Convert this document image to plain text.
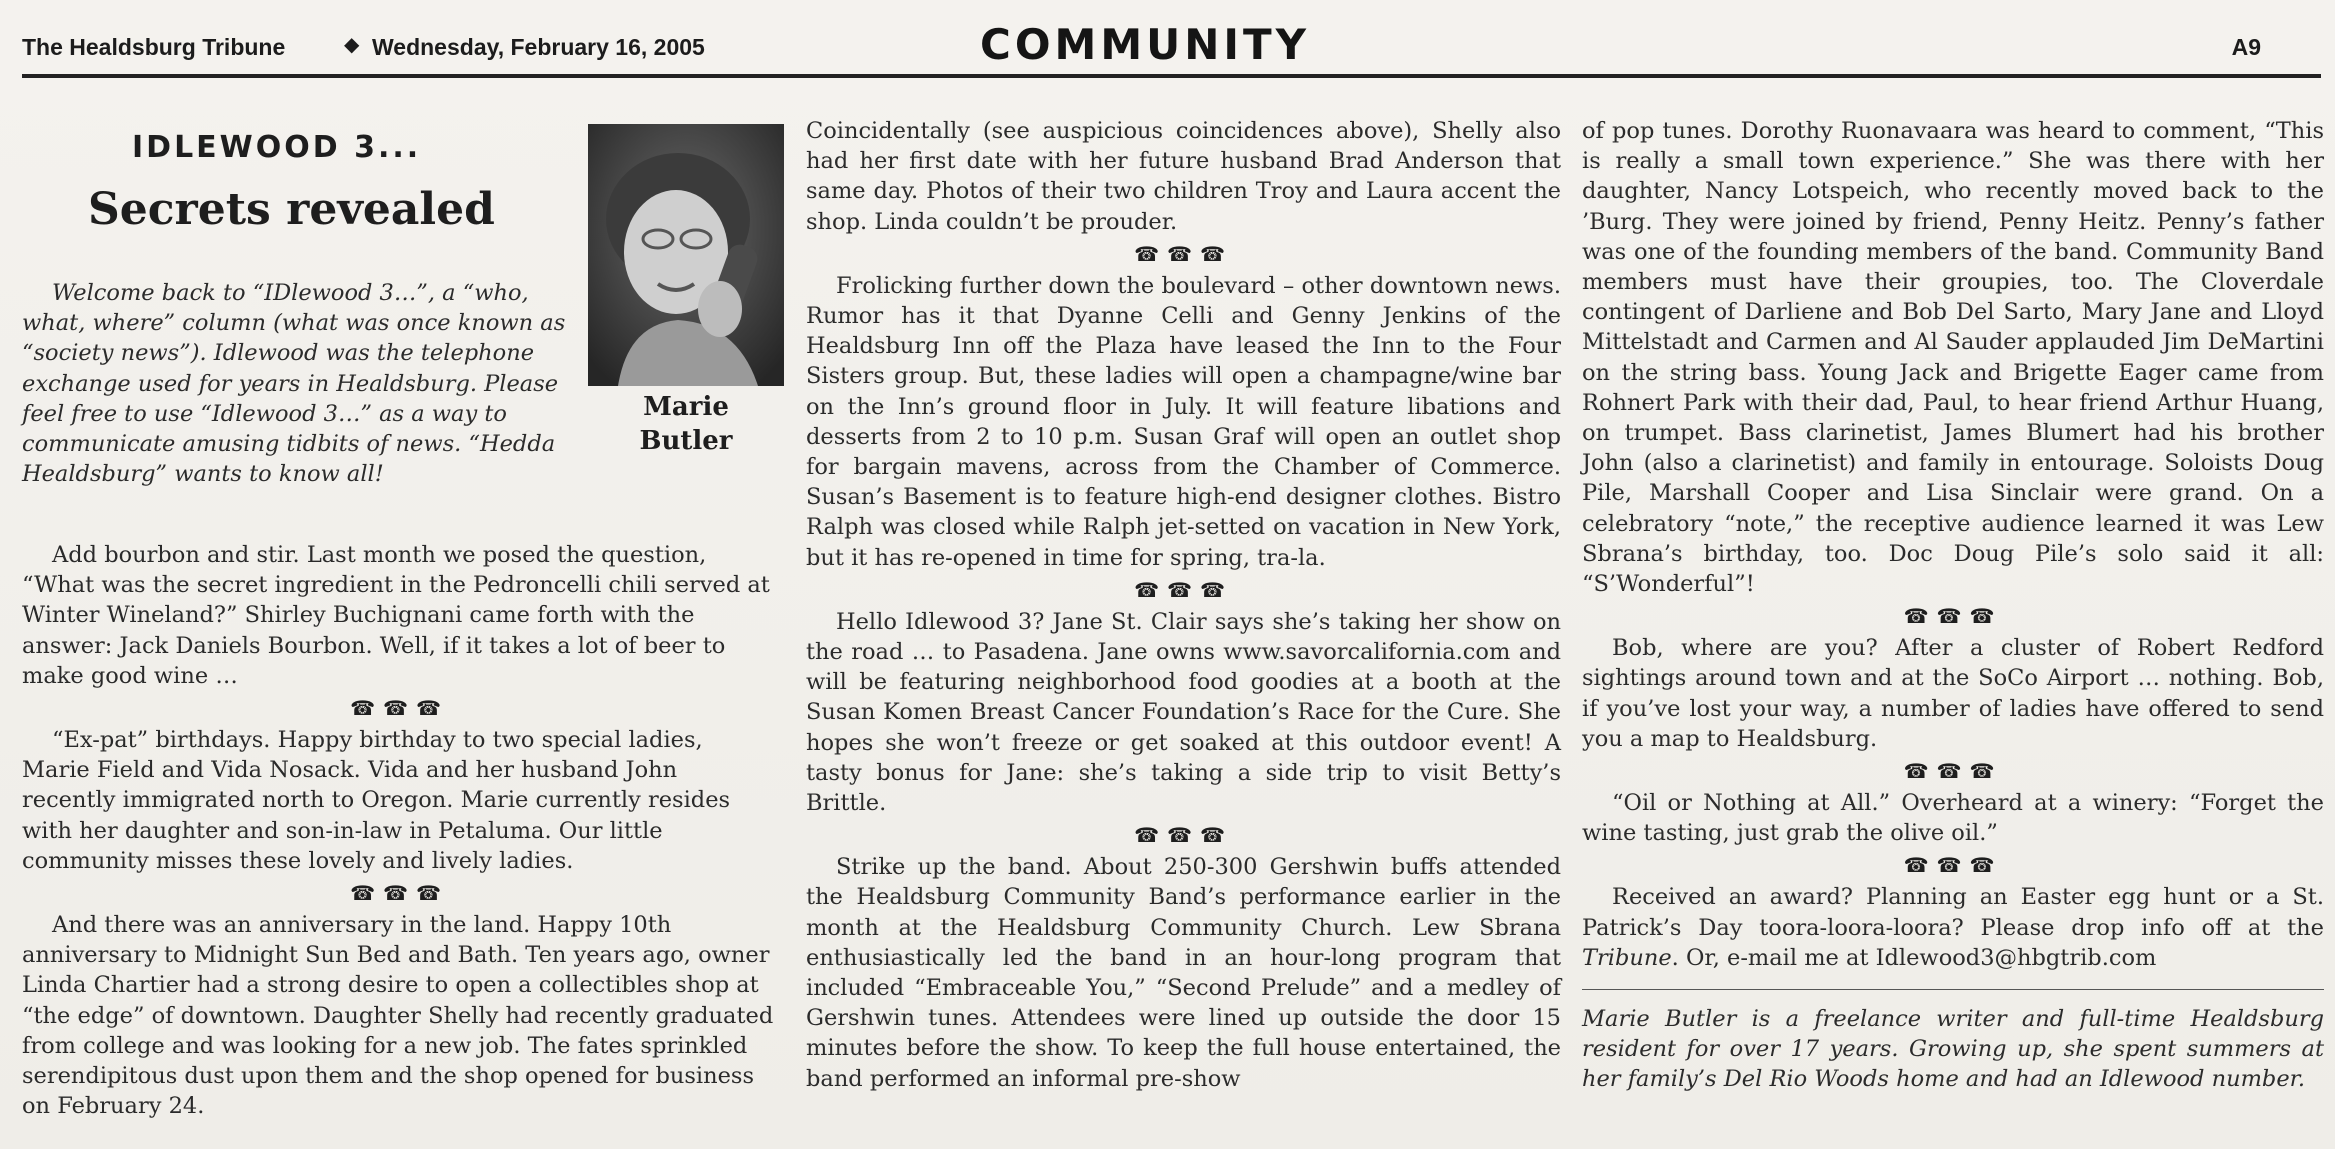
The Healdsburg Tribune	◆ Wednesday, February 16, 2005	COMMUNITY	A9
IDLEWOOD 3...
Secrets revealed

Welcome back to “IDlewood 3…”, a “who, what, where” column (what was once known as “society news”). Idlewood was the telephone exchange used for years in Healdsburg. Please feel free to use “Idlewood 3…” as a way to communicate amusing tidbits of news. “Hedda Healdsburg” wants to know all!

Marie
Butler

Add bourbon and stir. Last month we posed the question, “What was the secret ingredient in the Pedroncelli chili served at Winter Wineland?” Shirley Buchignani came forth with the answer: Jack Daniels Bourbon. Well, if it takes a lot of beer to make good wine …

☎☎☎

“Ex-pat” birthdays. Happy birthday to two special ladies, Marie Field and Vida Nosack. Vida and her husband John recently immigrated north to Oregon. Marie currently resides with her daughter and son-in-law in Petaluma. Our little community misses these lovely and lively ladies.

☎☎☎

And there was an anniversary in the land. Happy 10th anniversary to Midnight Sun Bed and Bath. Ten years ago, owner Linda Chartier had a strong desire to open a collectibles shop at “the edge” of downtown. Daughter Shelly had recently graduated from college and was looking for a new job. The fates sprinkled serendipitous dust upon them and the shop opened for business on February 24.

Coincidentally (see auspicious coincidences above), Shelly also had her first date with her future husband Brad Anderson that same day. Photos of their two children Troy and Laura accent the shop. Linda couldn’t be prouder.

☎☎☎

Frolicking further down the boulevard – other downtown news. Rumor has it that Dyanne Celli and Genny Jenkins of the Healdsburg Inn off the Plaza have leased the Inn to the Four Sisters group. But, these ladies will open a champagne/wine bar on the Inn’s ground floor in July. It will feature libations and desserts from 2 to 10 p.m. Susan Graf will open an outlet shop for bargain mavens, across from the Chamber of Commerce. Susan’s Basement is to feature high-end designer clothes. Bistro Ralph was closed while Ralph jet-setted on vacation in New York, but it has re-opened in time for spring, tra-la.

☎☎☎

Hello Idlewood 3? Jane St. Clair says she’s taking her show on the road … to Pasadena. Jane owns www.savorcalifornia.com and will be featuring neighborhood food goodies at a booth at the Susan Komen Breast Cancer Foundation’s Race for the Cure. She hopes she won’t freeze or get soaked at this outdoor event! A tasty bonus for Jane: she’s taking a side trip to visit Betty’s Brittle.

☎☎☎

Strike up the band. About 250-300 Gershwin buffs attended the Healdsburg Community Band’s performance earlier in the month at the Healdsburg Community Church. Lew Sbrana enthusiastically led the band in an hour-long program that included “Embraceable You,” “Second Prelude” and a medley of Gershwin tunes. Attendees were lined up outside the door 15 minutes before the show. To keep the full house entertained, the band performed an informal pre-show

of pop tunes. Dorothy Ruonavaara was heard to comment, “This is really a small town experience.” She was there with her daughter, Nancy Lotspeich, who recently moved back to the ’Burg. They were joined by friend, Penny Heitz. Penny’s father was one of the founding members of the band. Community Band members must have their groupies, too. The Cloverdale contingent of Darliene and Bob Del Sarto, Mary Jane and Lloyd Mittelstadt and Carmen and Al Sauder applauded Jim DeMartini on the string bass. Young Jack and Brigette Eager came from Rohnert Park with their dad, Paul, to hear friend Arthur Huang, on trumpet. Bass clarinetist, James Blumert had his brother John (also a clarinetist) and family in entourage. Soloists Doug Pile, Marshall Cooper and Lisa Sinclair were grand. On a celebratory “note,” the receptive audience learned it was Lew Sbrana’s birthday, too. Doc Doug Pile’s solo said it all: “S’Wonderful”!

☎☎☎

Bob, where are you? After a cluster of Robert Redford sightings around town and at the SoCo Airport … nothing. Bob, if you’ve lost your way, a number of ladies have offered to send you a map to Healdsburg.

☎☎☎

“Oil or Nothing at All.” Overheard at a winery: “Forget the wine tasting, just grab the olive oil.”

☎☎☎

Received an award? Planning an Easter egg hunt or a St. Patrick’s Day toora-loora-loora? Please drop info off at the Tribune. Or, e-mail me at Idlewood3@hbgtrib.com

Marie Butler is a freelance writer and full-time Healdsburg resident for over 17 years. Growing up, she spent summers at her family’s Del Rio Woods home and had an Idlewood number.
